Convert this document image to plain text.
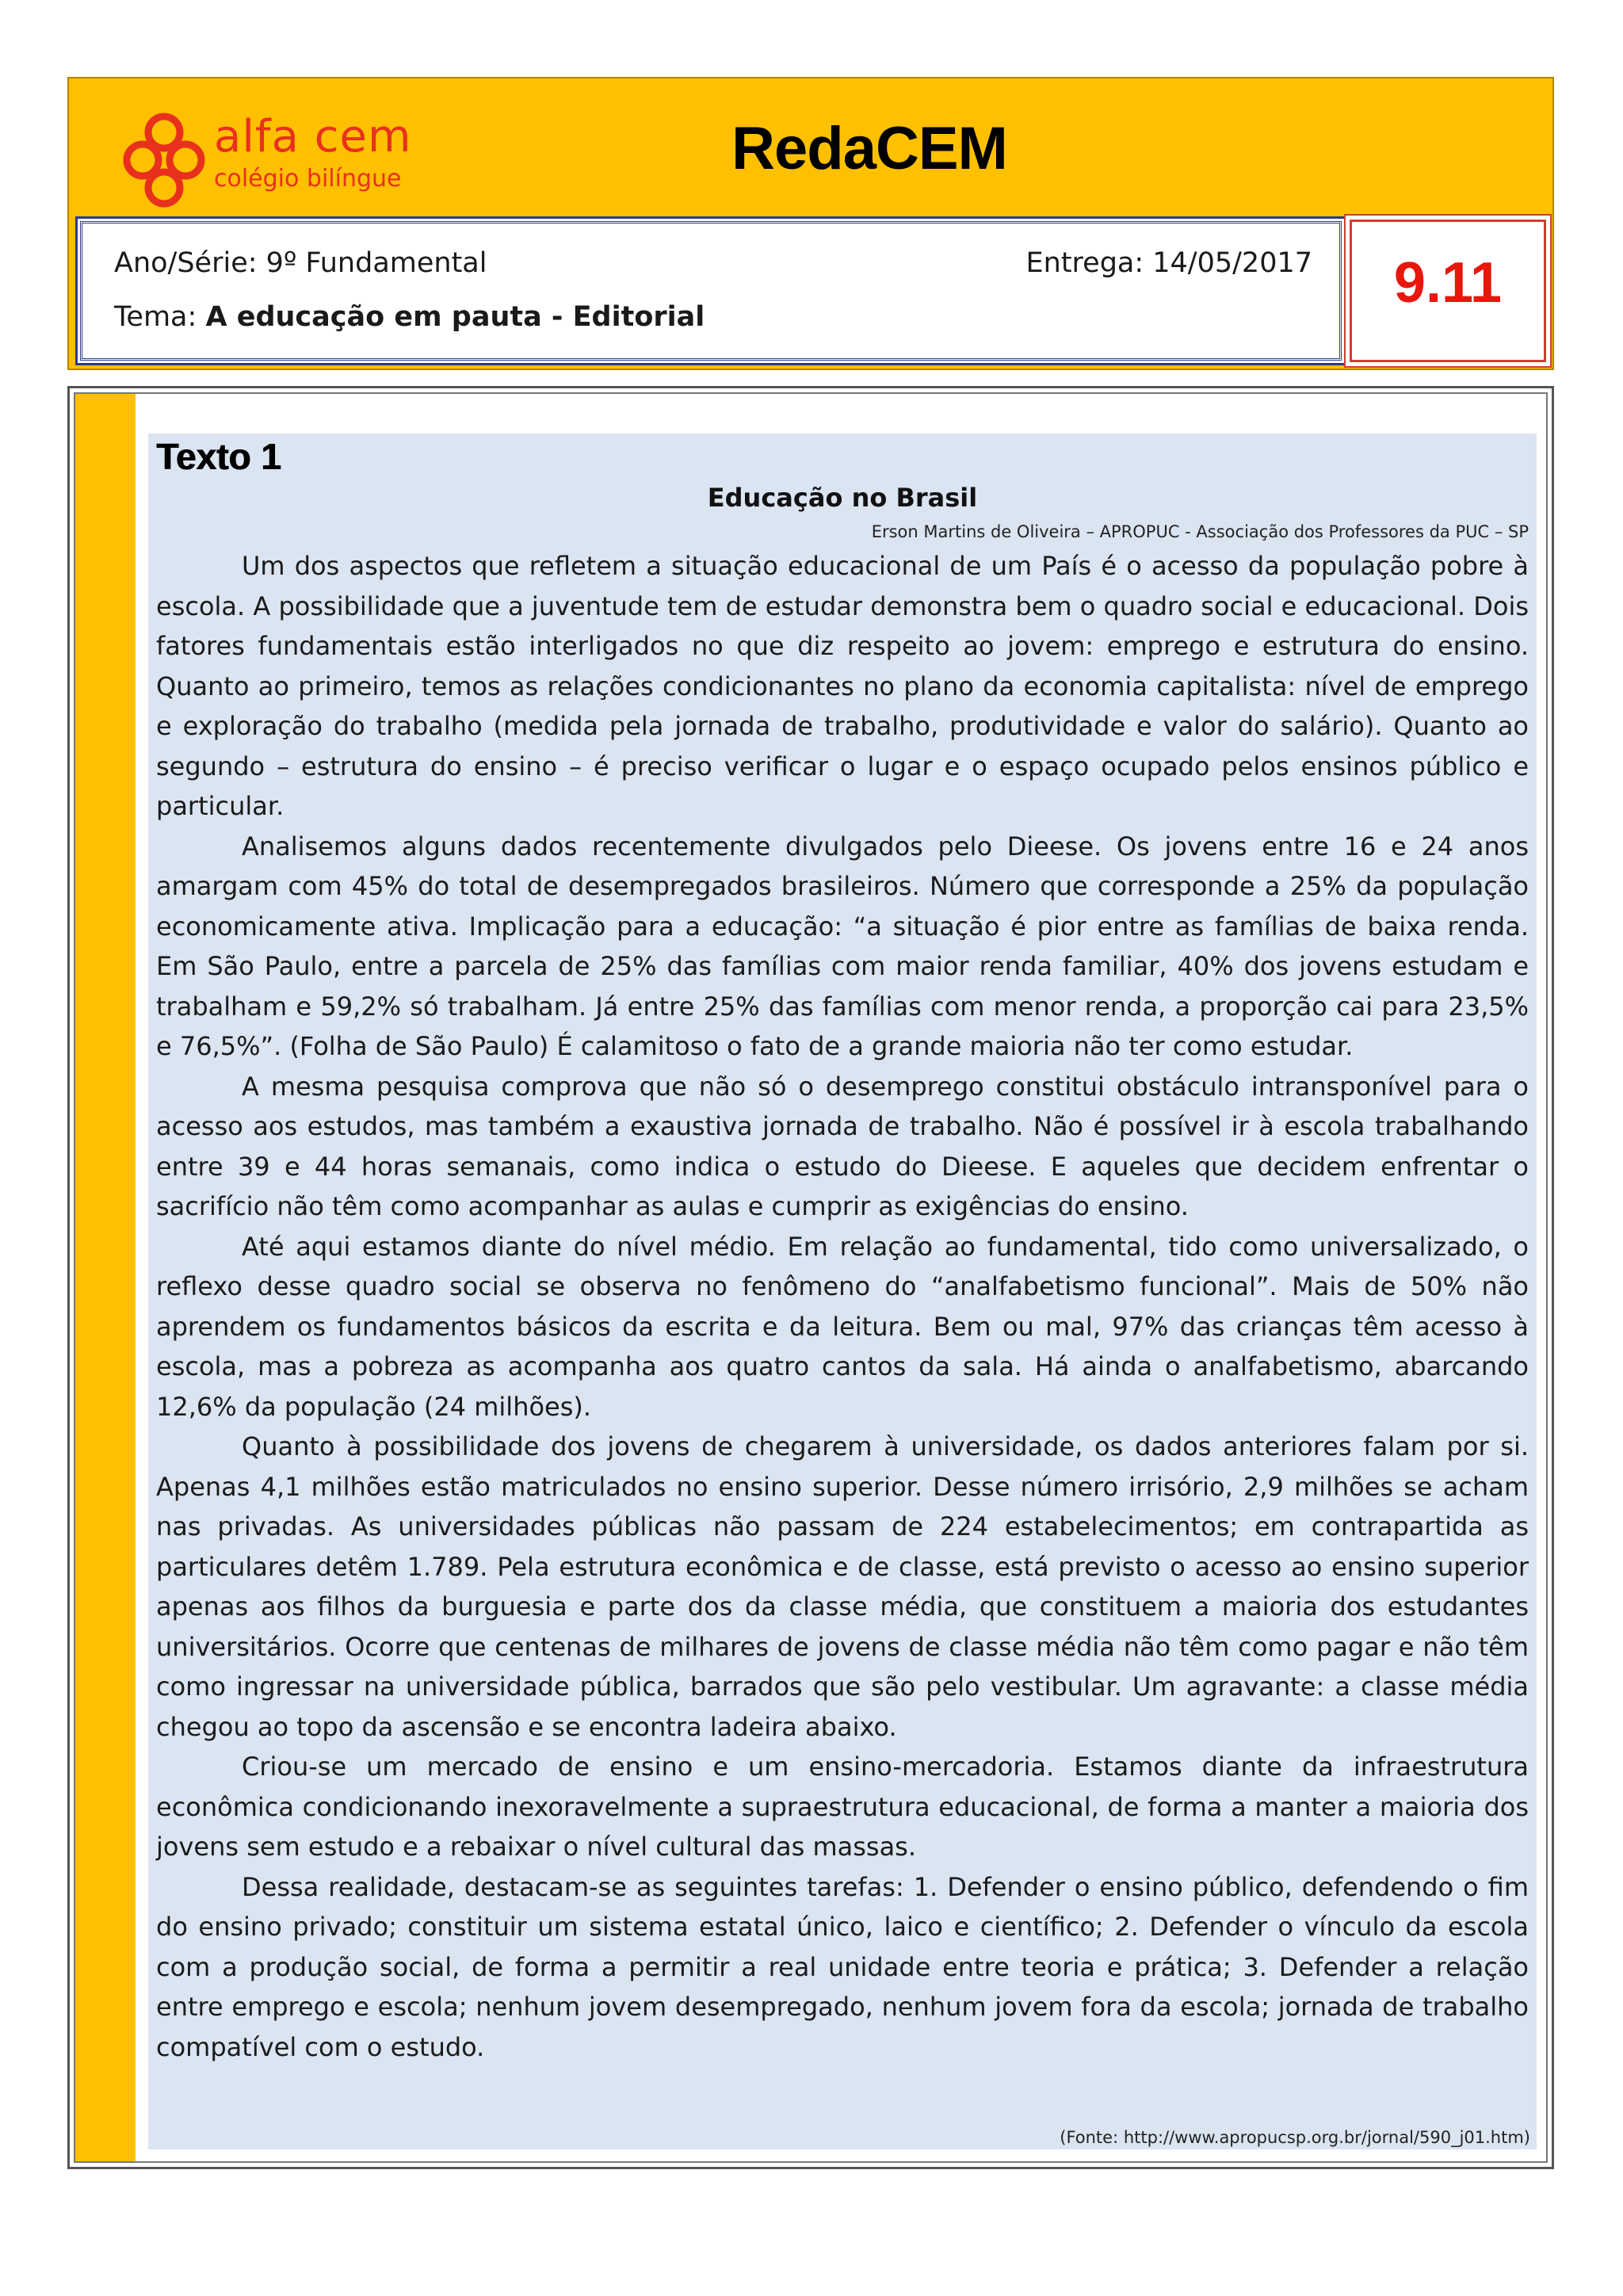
alfa cem
colégio bilíngue	RedaCEM
Ano/Série: 9º Fundamental
Tema: A educação em pauta - Editorial
Entrega: 14/05/2017	9.11
Texto 1
Educação no Brasil
Erson Martins de Oliveira – APROPUC - Associação dos Professores da PUC – SP

Um dos aspectos que refletem a situação educacional de um País é o acesso da população pobre à escola. A possibilidade que a juventude tem de estudar demonstra bem o quadro social e educacional. Dois fatores fundamentais estão interligados no que diz respeito ao jovem: emprego e estrutura do ensino. Quanto ao primeiro, temos as relações condicionantes no plano da economia capitalista: nível de emprego e exploração do trabalho (medida pela jornada de trabalho, produtividade e valor do salário). Quanto ao segundo – estrutura do ensino – é preciso verificar o lugar e o espaço ocupado pelos ensinos público e particular.

Analisemos alguns dados recentemente divulgados pelo Dieese. Os jovens entre 16 e 24 anos amargam com 45% do total de desempregados brasileiros. Número que corresponde a 25% da população economicamente ativa. Implicação para a educação: “a situação é pior entre as famílias de baixa renda. Em São Paulo, entre a parcela de 25% das famílias com maior renda familiar, 40% dos jovens estudam e trabalham e 59,2% só trabalham. Já entre 25% das famílias com menor renda, a proporção cai para 23,5% e 76,5%”. (Folha de São Paulo) É calamitoso o fato de a grande maioria não ter como estudar.

A mesma pesquisa comprova que não só o desemprego constitui obstáculo intransponível para o acesso aos estudos, mas também a exaustiva jornada de trabalho. Não é possível ir à escola trabalhando entre 39 e 44 horas semanais, como indica o estudo do Dieese. E aqueles que decidem enfrentar o sacrifício não têm como acompanhar as aulas e cumprir as exigências do ensino.

Até aqui estamos diante do nível médio. Em relação ao fundamental, tido como universalizado, o reflexo desse quadro social se observa no fenômeno do “analfabetismo funcional”. Mais de 50% não aprendem os fundamentos básicos da escrita e da leitura. Bem ou mal, 97% das crianças têm acesso à escola, mas a pobreza as acompanha aos quatro cantos da sala. Há ainda o analfabetismo, abarcando 12,6% da população (24 milhões).

Quanto à possibilidade dos jovens de chegarem à universidade, os dados anteriores falam por si. Apenas 4,1 milhões estão matriculados no ensino superior. Desse número irrisório, 2,9 milhões se acham nas privadas. As universidades públicas não passam de 224 estabelecimentos; em contrapartida as particulares detêm 1.789. Pela estrutura econômica e de classe, está previsto o acesso ao ensino superior apenas aos filhos da burguesia e parte dos da classe média, que constituem a maioria dos estudantes universitários. Ocorre que centenas de milhares de jovens de classe média não têm como pagar e não têm como ingressar na universidade pública, barrados que são pelo vestibular. Um agravante: a classe média chegou ao topo da ascensão e se encontra ladeira abaixo.

Criou-se um mercado de ensino e um ensino-mercadoria. Estamos diante da infraestrutura econômica condicionando inexoravelmente a supraestrutura educacional, de forma a manter a maioria dos jovens sem estudo e a rebaixar o nível cultural das massas.

Dessa realidade, destacam-se as seguintes tarefas: 1. Defender o ensino público, defendendo o fim do ensino privado; constituir um sistema estatal único, laico e científico; 2. Defender o vínculo da escola com a produção social, de forma a permitir a real unidade entre teoria e prática; 3. Defender a relação entre emprego e escola; nenhum jovem desempregado, nenhum jovem fora da escola; jornada de trabalho compatível com o estudo.

(Fonte: http://www.apropucsp.org.br/jornal/590_j01.htm)
